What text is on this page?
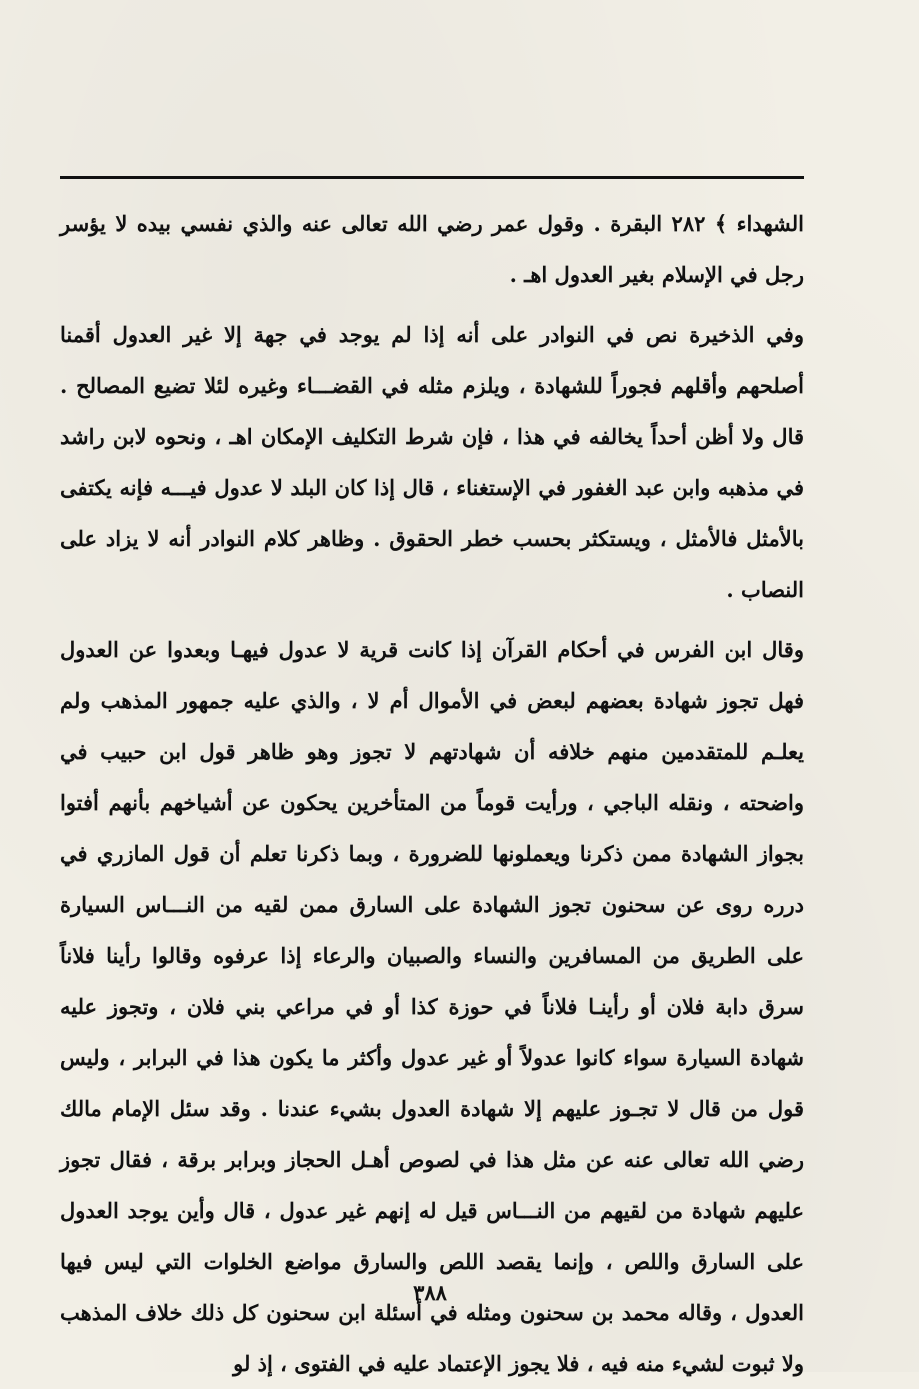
الشهداء ﴾ ٢٨٢ البقرة . وقول عمر رضي الله تعالى عنه والذي نفسي بيده لا يؤسر رجل في الإسلام بغير العدول اهـ .

وفي الذخيرة نص في النوادر على أنه إذا لم يوجد في جهة إلا غير العدول أقمنا أصلحهم وأقلهم فجوراً للشهادة ، ويلزم مثله في القضـــاء وغيره لئلا تضيع المصالح . قال ولا أظن أحداً يخالفه في هذا ، فإن شرط التكليف الإمكان اهـ ، ونحوه لابن راشد في مذهبه وابن عبد الغفور في الإستغناء ، قال إذا كان البلد لا عدول فيـــه فإنه يكتفى بالأمثل فالأمثل ، ويستكثر بحسب خطر الحقوق . وظاهر كلام النوادر أنه لا يزاد على النصاب .

وقال ابن الفرس في أحكام القرآن إذا كانت قرية لا عدول فيهـا وبعدوا عن العدول فهل تجوز شهادة بعضهم لبعض في الأموال أم لا ، والذي عليه جمهور المذهب ولم يعلـم للمتقدمين منهم خلافه أن شهادتهم لا تجوز وهو ظاهر قول ابن حبيب في واضحته ، ونقله الباجي ، ورأيت قوماً من المتأخرين يحكون عن أشياخهم بأنهم أفتوا بجواز الشهادة ممن ذكرنا ويعملونها للضرورة ، وبما ذكرنا تعلم أن قول المازري في درره روى عن سحنون تجوز الشهادة على السارق ممن لقيه من النـــاس السيارة على الطريق من المسافرين والنساء والصبيان والرعاء إذا عرفوه وقالوا رأينا فلاناً سرق دابة فلان أو رأينـا فلاناً في حوزة كذا أو في مراعي بني فلان ، وتجوز عليه شهادة السيارة سواء كانوا عدولاً أو غير عدول وأكثر ما يكون هذا في البرابر ، وليس قول من قال لا تجـوز عليهم إلا شهادة العدول بشيء عندنا . وقد سئل الإمام مالك رضي الله تعالى عنه عن مثل هذا في لصوص أهـل الحجاز وبرابر برقة ، فقال تجوز عليهم شهادة من لقيهم من النـــاس قيل له إنهم غير عدول ، قال وأين يوجد العدول على السارق واللص ، وإنما يقصد اللص والسارق مواضع الخلوات التي ليس فيها العدول ، وقاله محمد بن سحنون ومثله في أسئلة ابن سحنون كل ذلك خلاف المذهب ولا ثبوت لشيء منه فيه ، فلا يجوز الإعتماد عليه في الفتوى ، إذ لو

٣٨٨
